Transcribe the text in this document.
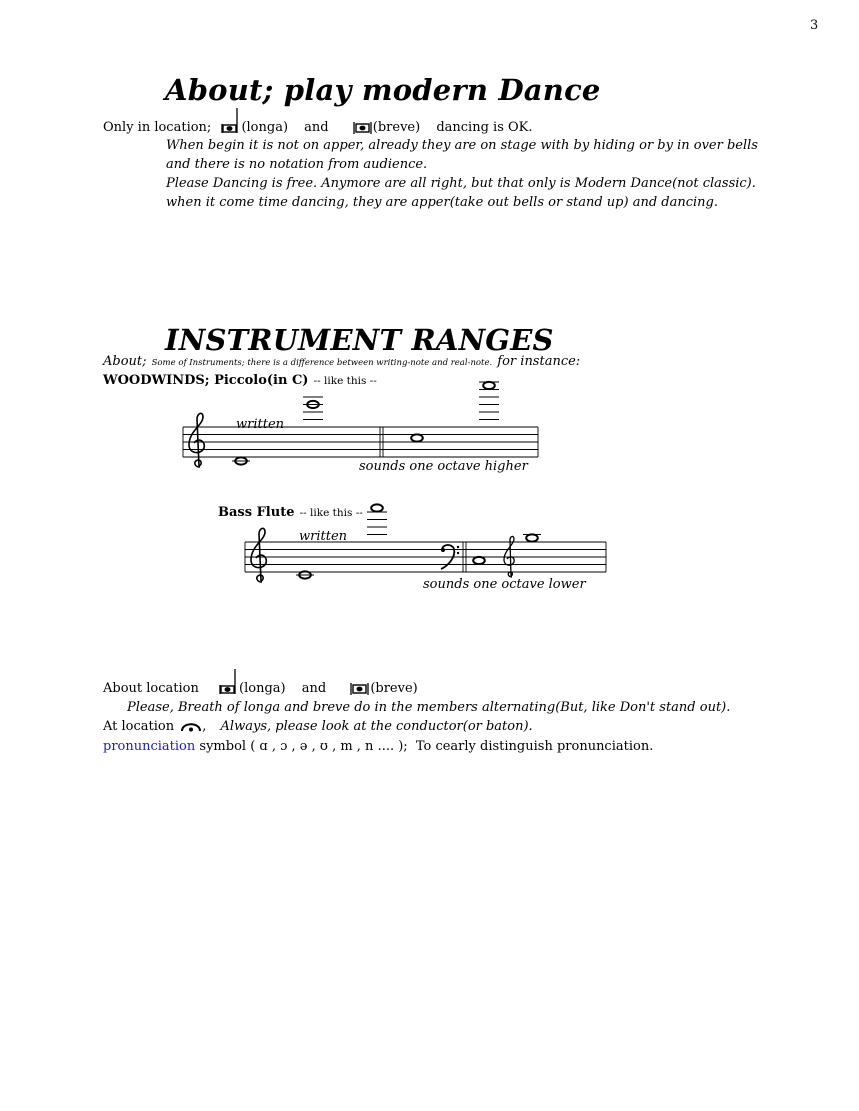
3
About; play modern Dance
Only in location; (longa) and	(breve) dancing is OK.
When begin it is not on apper, already they are on stage with by hiding or by in over bells
and there is no notation from audience.
Please Dancing is free. Anymore are all right, but that only is Modern Dance(not classic).
when it come time dancing, they are apper(take out bells or stand up) and dancing.
INSTRUMENT RANGES
About; Some of Instruments; there is a difference between writing-note and real-note. for instance:
WOODWINDS; Piccolo(in C) -- like this --
written
sounds one octave higher
Bass Flute -- like this --
written
sounds one octave lower
About location	(longa) and	(breve)
Please, Breath of longa and breve do in the members alternating(But, like Don't stand out).
At location , Always, please look at the conductor(or baton).
pronunciation symbol ( ɑ , ɔ , ə , ʊ , m , n .... ); To cearly distinguish pronunciation.
